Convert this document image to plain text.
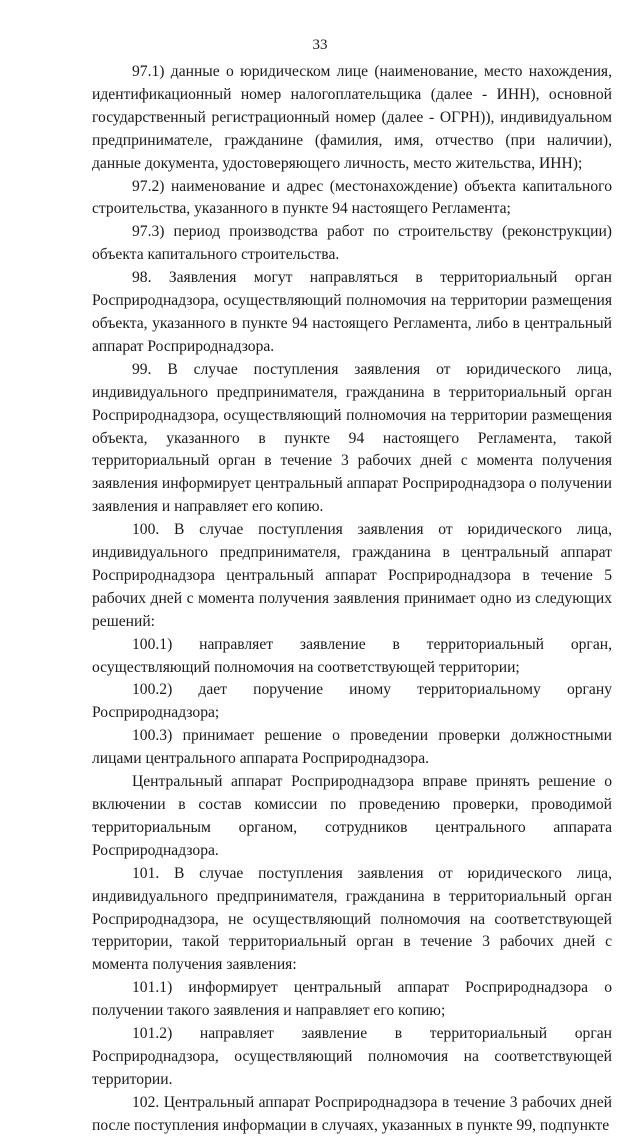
33

97.1) данные о юридическом лице (наименование, место нахождения, идентификационный номер налогоплательщика (далее - ИНН), основной государственный регистрационный номер (далее - ОГРН)), индивидуальном предпринимателе, гражданине (фамилия, имя, отчество (при наличии), данные документа, удостоверяющего личность, место жительства, ИНН);

97.2) наименование и адрес (местонахождение) объекта капитального строительства, указанного в пункте 94 настоящего Регламента;

97.3) период производства работ по строительству (реконструкции) объекта капитального строительства.

98. Заявления могут направляться в территориальный орган Росприроднадзора, осуществляющий полномочия на территории размещения объекта, указанного в пункте 94 настоящего Регламента, либо в центральный аппарат Росприроднадзора.

99. В случае поступления заявления от юридического лица, индивидуального предпринимателя, гражданина в территориальный орган Росприроднадзора, осуществляющий полномочия на территории размещения объекта, указанного в пункте 94 настоящего Регламента, такой территориальный орган в течение 3 рабочих дней с момента получения заявления информирует центральный аппарат Росприроднадзора о получении заявления и направляет его копию.

100. В случае поступления заявления от юридического лица, индивидуального предпринимателя, гражданина в центральный аппарат Росприроднадзора центральный аппарат Росприроднадзора в течение 5 рабочих дней с момента получения заявления принимает одно из следующих решений:

100.1) направляет заявление в территориальный орган, осуществляющий полномочия на соответствующей территории;

100.2) дает поручение иному территориальному органу Росприроднадзора;

100.3) принимает решение о проведении проверки должностными лицами центрального аппарата Росприроднадзора.

Центральный аппарат Росприроднадзора вправе принять решение о включении в состав комиссии по проведению проверки, проводимой территориальным органом, сотрудников центрального аппарата Росприроднадзора.

101. В случае поступления заявления от юридического лица, индивидуального предпринимателя, гражданина в территориальный орган Росприроднадзора, не осуществляющий полномочия на соответствующей территории, такой территориальный орган в течение 3 рабочих дней с момента получения заявления:

101.1) информирует центральный аппарат Росприроднадзора о получении такого заявления и направляет его копию;

101.2) направляет заявление в территориальный орган Росприроднадзора, осуществляющий полномочия на соответствующей территории.

102. Центральный аппарат Росприроднадзора в течение 3 рабочих дней после поступления информации в случаях, указанных в пункте 99, подпункте
